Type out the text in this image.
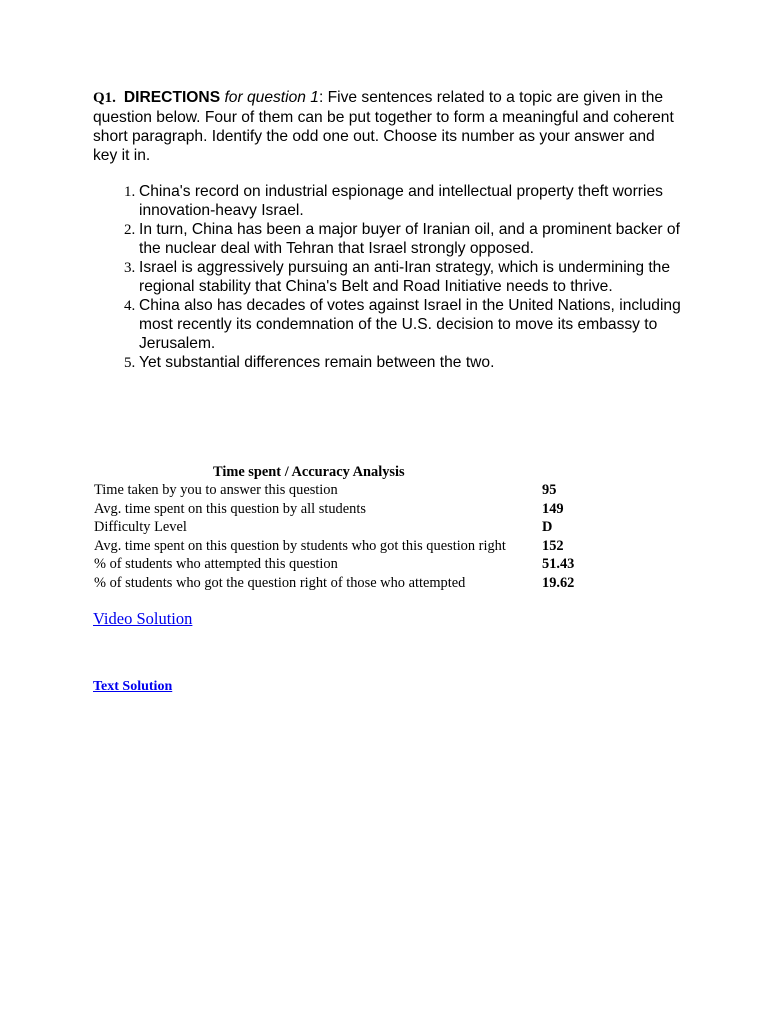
Q1. DIRECTIONS for question 1: Five sentences related to a topic are given in the question below. Four of them can be put together to form a meaningful and coherent short paragraph. Identify the odd one out. Choose its number as your answer and key it in.

1. China's record on industrial espionage and intellectual property theft worries innovation-heavy Israel.
2. In turn, China has been a major buyer of Iranian oil, and a prominent backer of the nuclear deal with Tehran that Israel strongly opposed.
3. Israel is aggressively pursuing an anti-Iran strategy, which is undermining the regional stability that China's Belt and Road Initiative needs to thrive.
4. China also has decades of votes against Israel in the United Nations, including most recently its condemnation of the U.S. decision to move its embassy to Jerusalem.
5. Yet substantial differences remain between the two.
Time spent / Accuracy Analysis
Time taken by you to answer this question	95
Avg. time spent on this question by all students	149
Difficulty Level	D
Avg. time spent on this question by students who got this question right	152
% of students who attempted this question	51.43
% of students who got the question right of those who attempted	19.62
Video Solution
Text Solution
